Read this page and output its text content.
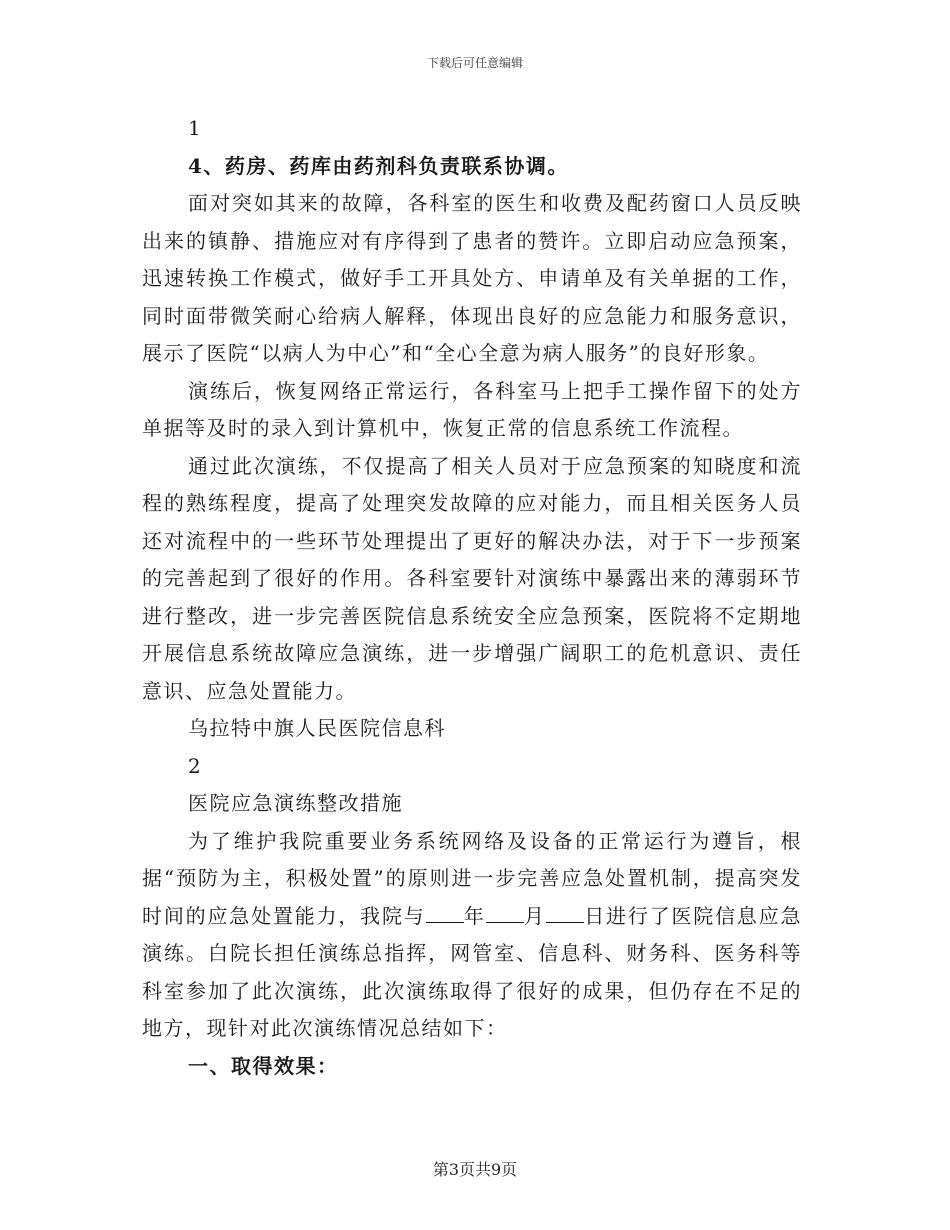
下载后可任意编辑

1

4、药房、药库由药剂科负责联系协调。

面对突如其来的故障，各科室的医生和收费及配药窗口人员反映出来的镇静、措施应对有序得到了患者的赞许。立即启动应急预案，迅速转换工作模式，做好手工开具处方、申请单及有关单据的工作，同时面带微笑耐心给病人解释，体现出良好的应急能力和服务意识，展示了医院“以病人为中心”和“全心全意为病人服务”的良好形象。

演练后，恢复网络正常运行，各科室马上把手工操作留下的处方单据等及时的录入到计算机中，恢复正常的信息系统工作流程。

通过此次演练，不仅提高了相关人员对于应急预案的知晓度和流程的熟练程度，提高了处理突发故障的应对能力，而且相关医务人员还对流程中的一些环节处理提出了更好的解决办法，对于下一步预案的完善起到了很好的作用。各科室要针对演练中暴露出来的薄弱环节进行整改，进一步完善医院信息系统安全应急预案，医院将不定期地开展信息系统故障应急演练，进一步增强广阔职工的危机意识、责任意识、应急处置能力。

乌拉特中旗人民医院信息科

2

医院应急演练整改措施

为了维护我院重要业务系统网络及设备的正常运行为遵旨，根据“预防为主，积极处置”的原则进一步完善应急处置机制，提高突发时间的应急处置能力，我院与 年 月 日进行了医院信息应急演练。白院长担任演练总指挥，网管室、信息科、财务科、医务科等科室参加了此次演练，此次演练取得了很好的成果，但仍存在不足的地方，现针对此次演练情况总结如下：

一、取得效果：

第3页共9页
